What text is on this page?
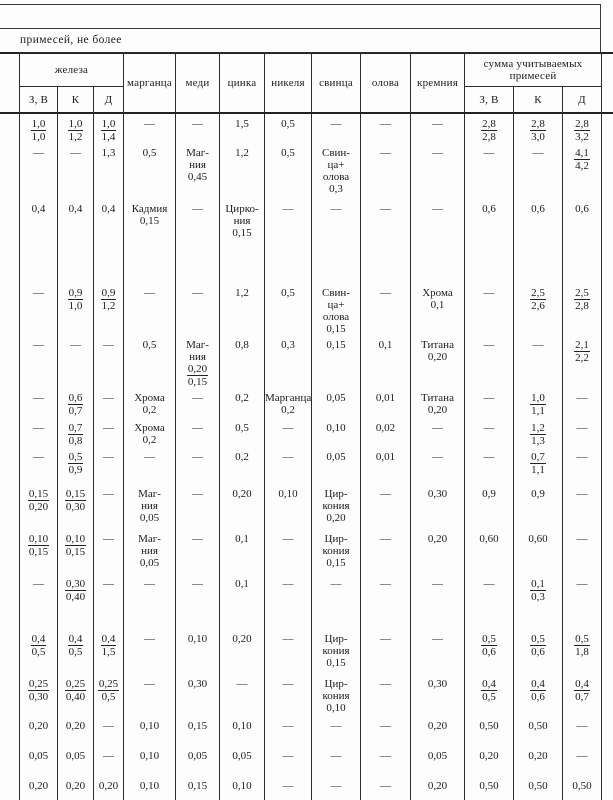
примесей, не более
железа			марганца	меди	цинка	никеля	свинца	олова	кремния	сумма учитываемых примесей		
З, В	К	Д								З, В	К	Д

$\frac{1,0}{1,0}$	$\frac{1,0}{1,2}$	$\frac{1,0}{1,4}$	—	—	1,5	0,5	—	—	—	$\frac{2,8}{2,8}$	$\frac{2,8}{3,0}$	$\frac{2,8}{3,2}$

—	—	1,3	0,5	Маг-
ния
0,45
	1,2	0,5	Свин-
ца+
олова
0,3
	—	—	—	—	$\frac{4,1}{4,2}$

0,4	0,4	0,4	Кадмия
0,15
	—	Цирко-
ния
0,15
	—	—	—	—	0,6	0,6	0,6
—	$\frac{0,9}{1,0}$	$\frac{0,9}{1,2}$	—	—	1,2	0,5	Свин-
ца+
олова
0,15
	—	Хрома
0,1
	—	$\frac{2,5}{2,6}$	$\frac{2,5}{2,8}$

—	—	—	0,5	Маг-
ния
$\frac{0,20}{0,15}$
	0,8	0,3	0,15	0,1	Титана
0,20
	—	—	$\frac{2,1}{2,2}$

—	$\frac{0,6}{0,7}$	—	Хрома
0,2
	—	0,2	Марганца
0,2
	0,05	0,01	Титана
0,20
	—	$\frac{1,0}{1,1}$	—
—	$\frac{0,7}{0,8}$	—	Хрома
0,2
	—	0,5	—	0,10	0,02	—	—	$\frac{1,2}{1,3}$	—
—	$\frac{0,5}{0,9}$	—	—	—	0,2	—	0,05	0,01	—	—	$\frac{0,7}{1,1}$	—

$\frac{0,15}{0,20}$	$\frac{0,15}{0,30}$	—	Маг-
ния
0,05
	—	0,20	0,10	Цир-
кония
0,20
	—	0,30	0,9	0,9	—

$\frac{0,10}{0,15}$	$\frac{0,10}{0,15}$	—	Маг-
ния
0,05
	—	0,1	—	Цир-
кония
0,15
	—	0,20	0,60	0,60	—
—	$\frac{0,30}{0,40}$	—	—	—	0,1	—	—	—	—	—	$\frac{0,1}{0,3}$	—

$\frac{0,4}{0,5}$	$\frac{0,4}{0,5}$	$\frac{0,4}{1,5}$	—	0,10	0,20	—	Цир-
кония
0,15
	—	—	$\frac{0,5}{0,6}$	$\frac{0,5}{0,6}$	$\frac{0,5}{1,8}$

$\frac{0,25}{0,30}$	$\frac{0,25}{0,40}$	$\frac{0,25}{0,5}$	—	0,30	—	—	Цир-
кония
0,10
	—	0,30	$\frac{0,4}{0,5}$	$\frac{0,4}{0,6}$	$\frac{0,4}{0,7}$

0,20	0,20	—	0,10	0,15	0,10	—	—	—	0,20	0,50	0,50	—
0,05	0,05	—	0,10	0,05	0,05	—	—	—	0,05	0,20	0,20	—
0,20	0,20	0,20	0,10	0,15	0,10	—	—	—	0,20	0,50	0,50	0,50
